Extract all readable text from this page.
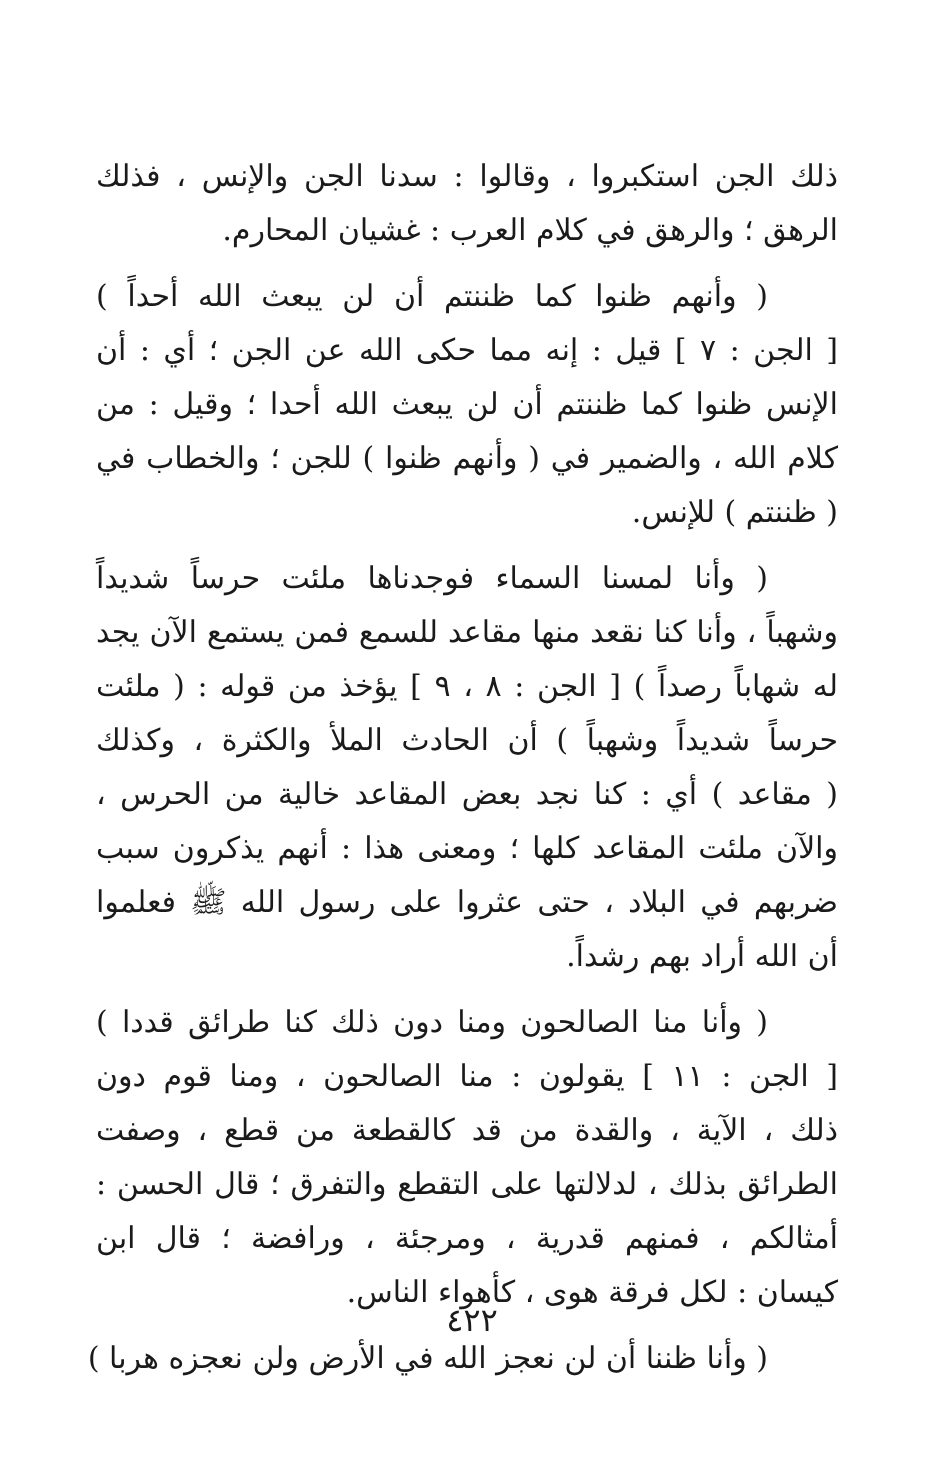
ذلك الجن استكبروا ، وقالوا : سدنا الجن والإنس ، فذلك
الرهق ؛ والرهق في كلام العرب : غشيان المحارم.
( وأنهم ظنوا كما ظننتم أن لن يبعث الله أحداً )
[ الجن : ٧ ] قيل : إنه مما حكى الله عن الجن ؛ أي : أن
الإنس ظنوا كما ظننتم أن لن يبعث الله أحدا ؛ وقيل : من
كلام الله ، والضمير في ( وأنهم ظنوا ) للجن ؛ والخطاب في
( ظننتم ) للإنس.
( وأنا لمسنا السماء فوجدناها ملئت حرساً شديداً
وشهباً ، وأنا كنا نقعد منها مقاعد للسمع فمن يستمع الآن يجد
له شهاباً رصداً ) [ الجن : ٨ ، ٩ ] يؤخذ من قوله : ( ملئت
حرساً شديداً وشهباً ) أن الحادث الملأ والكثرة ، وكذلك
( مقاعد ) أي : كنا نجد بعض المقاعد خالية من الحرس ،
والآن ملئت المقاعد كلها ؛ ومعنى هذا : أنهم يذكرون سبب
ضربهم في البلاد ، حتى عثروا على رسول الله ﷺ فعلموا
أن الله أراد بهم رشداً.
( وأنا منا الصالحون ومنا دون ذلك كنا طرائق قددا )
[ الجن : ١١ ] يقولون : منا الصالحون ، ومنا قوم دون
ذلك ، الآية ، والقدة من قد كالقطعة من قطع ، وصفت
الطرائق بذلك ، لدلالتها على التقطع والتفرق ؛ قال الحسن :
أمثالكم ، فمنهم قدرية ، ومرجئة ، ورافضة ؛ قال ابن
كيسان : لكل فرقة هوى ، كأهواء الناس.
( وأنا ظننا أن لن نعجز الله في الأرض ولن نعجزه هربا )
٤٢٢
